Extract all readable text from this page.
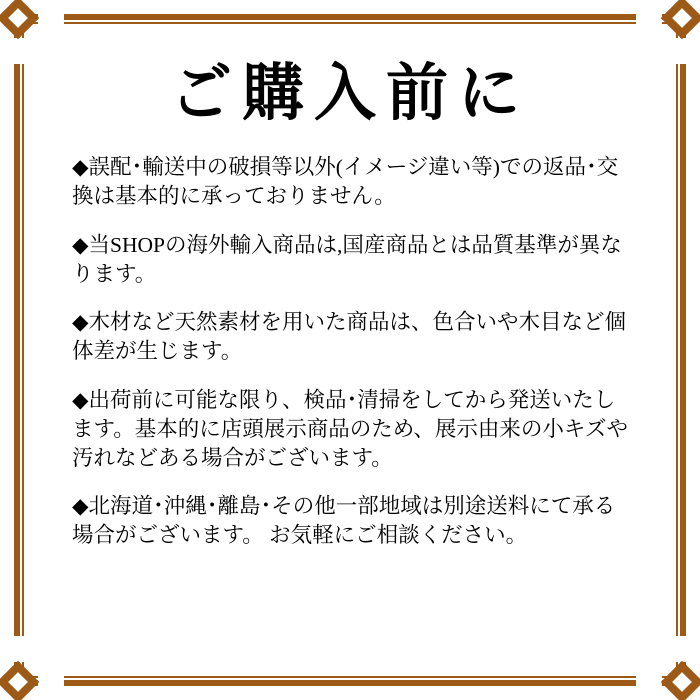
ご購入前に

◆誤配･輸送中の破損等以外(イメージ違い等)での返品･交換は基本的に承っておりません。

◆当SHOPの海外輸入商品は,国産商品とは品質基準が異なります。

◆木材など天然素材を用いた商品は、色合いや木目など個体差が生じます。

◆出荷前に可能な限り、検品･清掃をしてから発送いたします。基本的に店頭展示商品のため、展示由来の小キズや汚れなどある場合がございます。

◆北海道･沖縄･離島･その他一部地域は別途送料にて承る場合がございます。 お気軽にご相談ください。
